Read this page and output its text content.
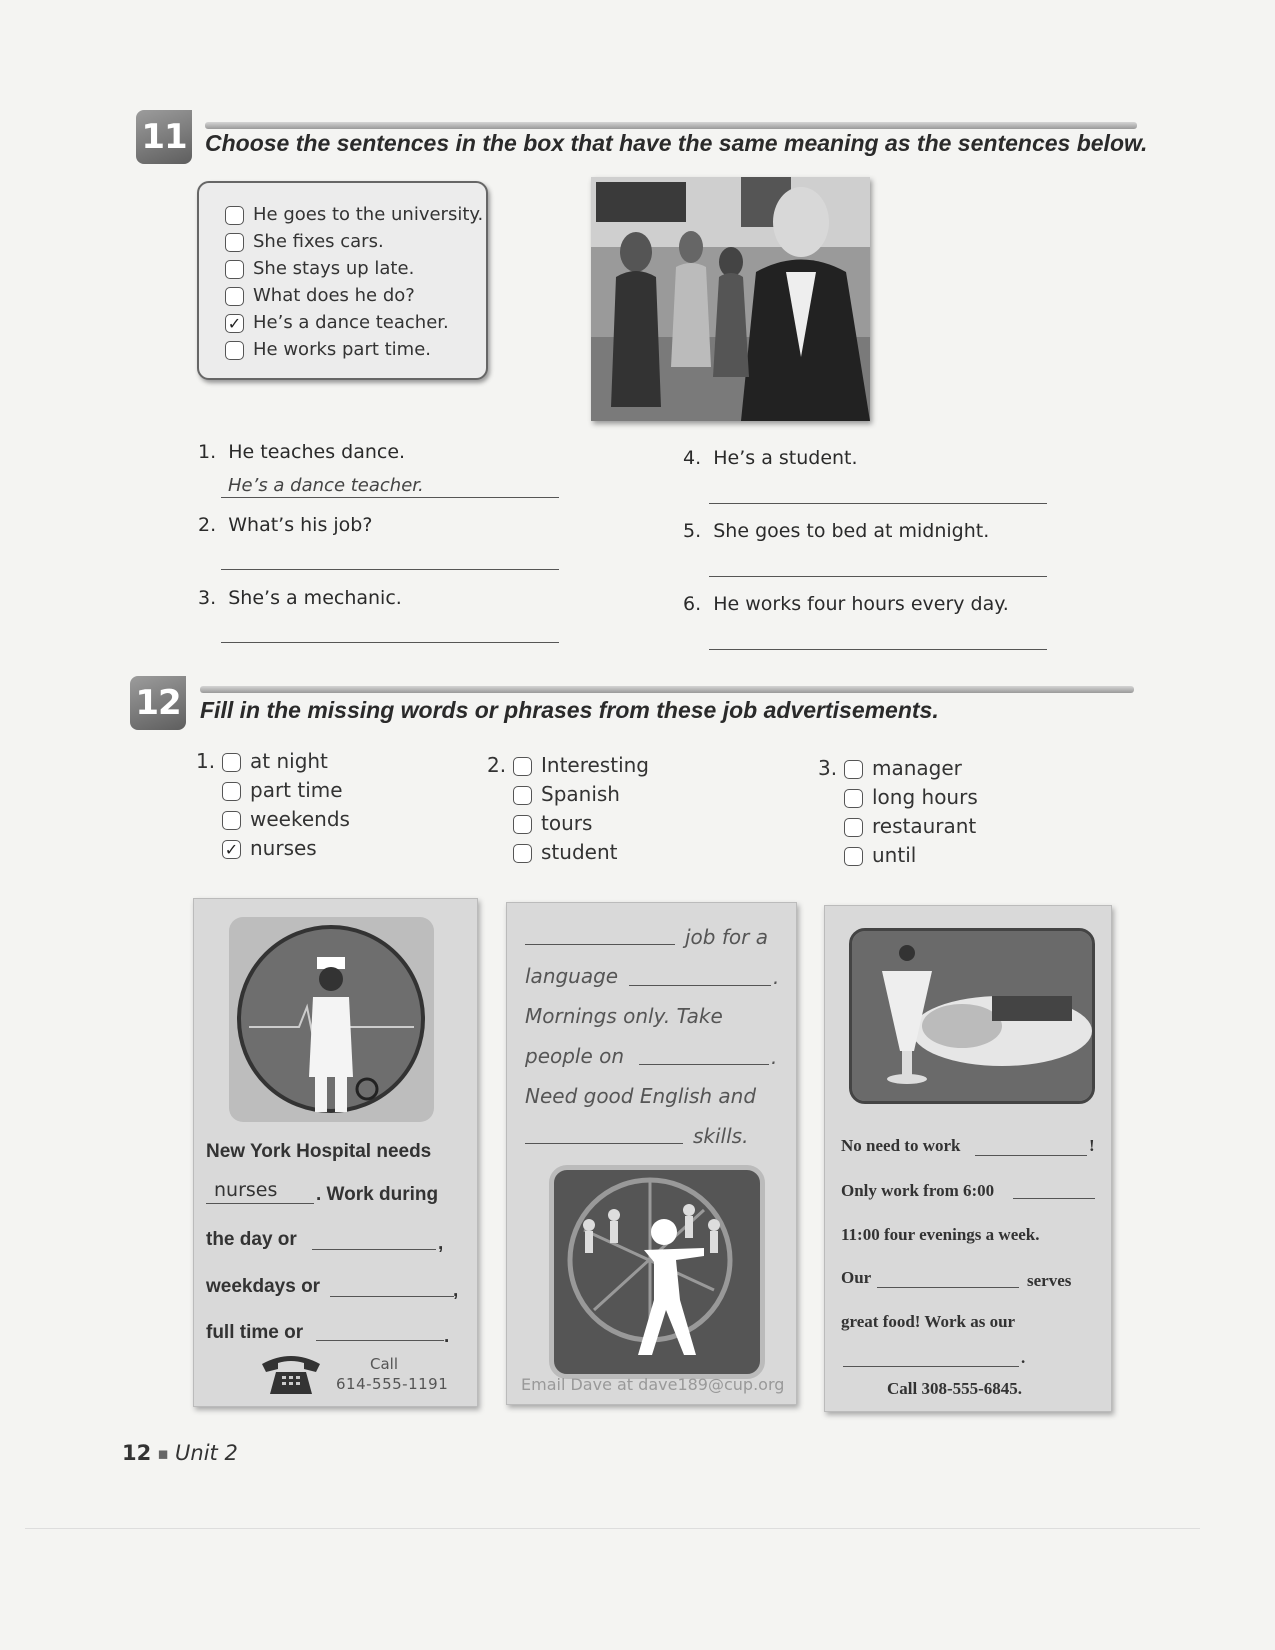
11 Choose the sentences in the box that have the same meaning as the sentences below.
He goes to the university.
She fixes cars.
She stays up late.
What does he do?
✓ He’s a dance teacher.
He works part time.
1. He teaches dance.
He’s a dance teacher.
2. What’s his job?
3. She’s a mechanic.
4. He’s a student.
5. She goes to bed at midnight.
6. He works four hours every day.
12 Fill in the missing words or phrases from these job advertisements.
1. at night
part time
weekends
✓ nurses
2. Interesting
Spanish
tours
student
3. manager
long hours
restaurant
until
New York Hospital needs
nurses . Work during
the day or	,
weekdays or	,
full time or	.
Call
614-555-1191
job for a
language	.
Mornings only. Take
people on	.
Need good English and
skills.
Email Dave at dave189@cup.org
No need to work	!
Only work from 6:00
11:00 four evenings a week.
Our	serves
great food! Work as our
.
Call 308-555-6845.
12 ■ Unit 2
